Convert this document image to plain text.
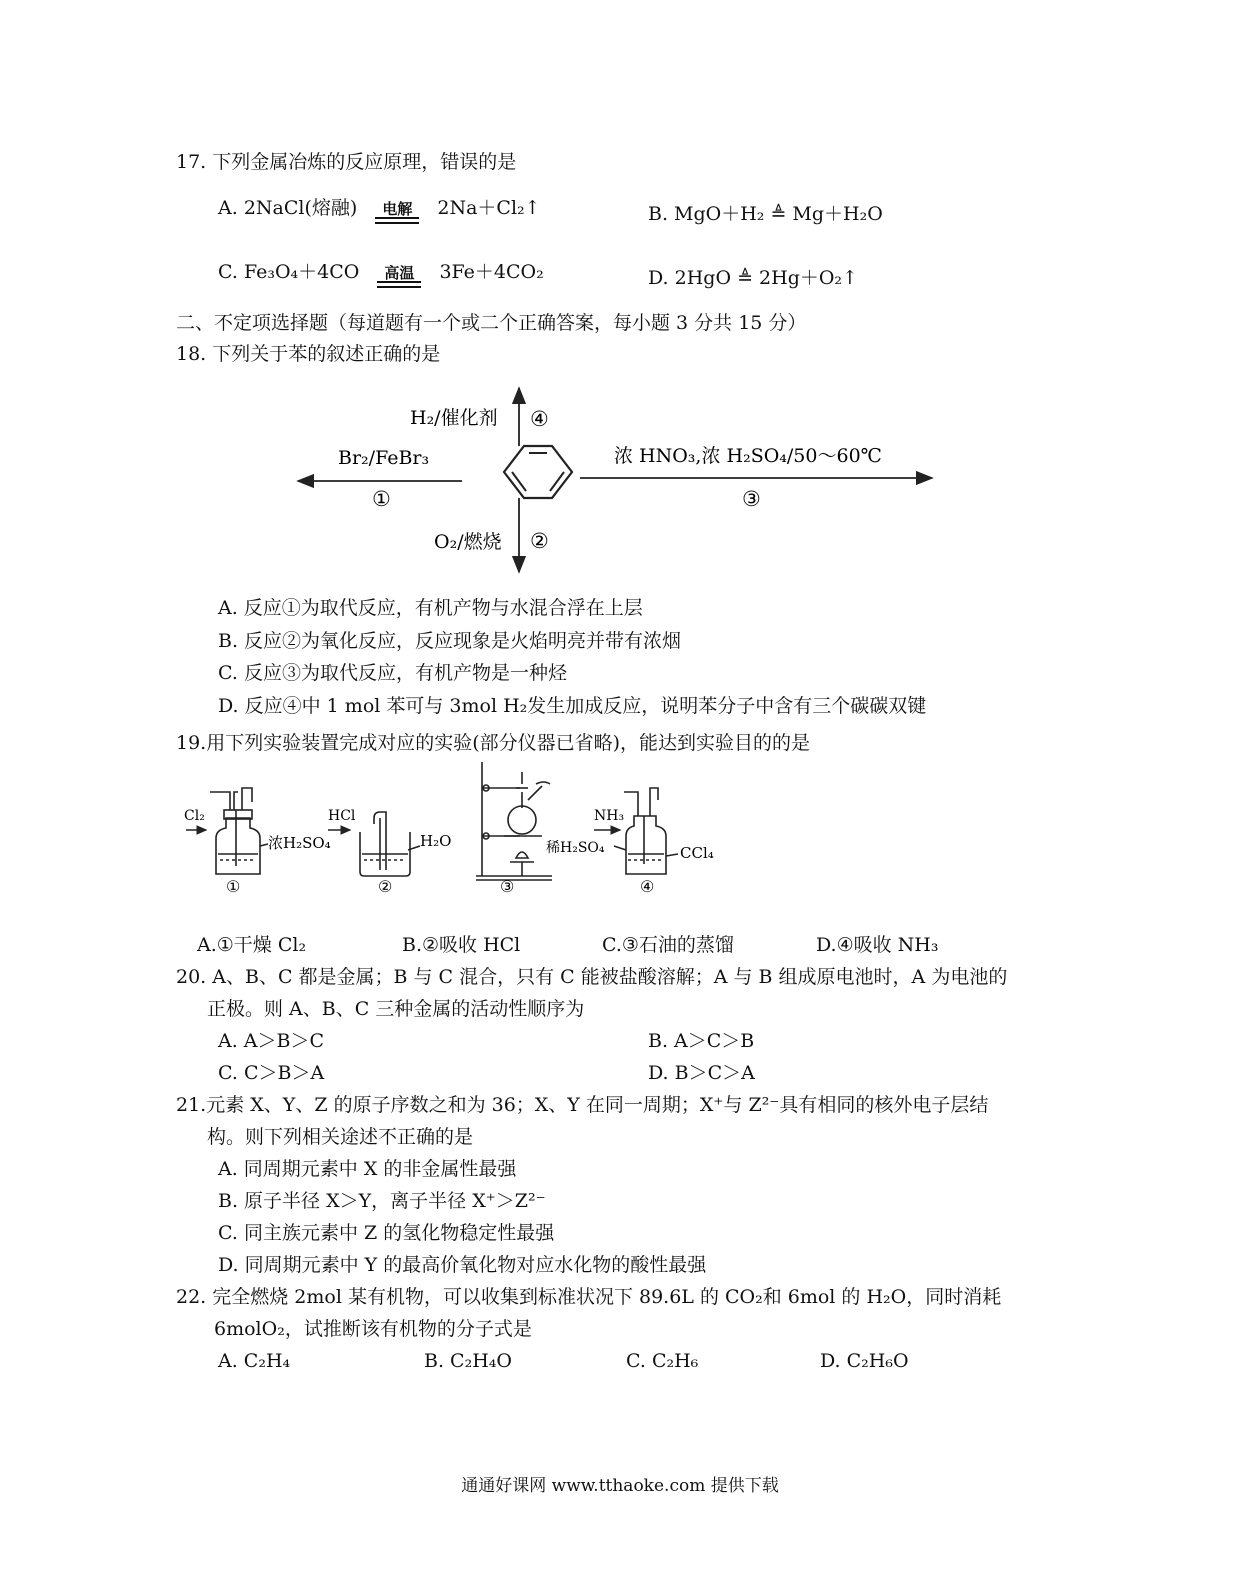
17. 下列金属冶炼的反应原理，错误的是
A. 2NaCl(熔融)	电解	2Na＋Cl₂↑	B. MgO＋H₂ ≜ Mg＋H₂O
C. Fe₃O₄＋4CO	高温	3Fe＋4CO₂	D. 2HgO ≜ 2Hg＋O₂↑
二、不定项选择题（每道题有一个或二个正确答案，每小题 3 分共 15 分）
18. 下列关于苯的叙述正确的是
H₂/催化剂 ④
Br₂/FeBr₃
①
浓 HNO₃,浓 H₂SO₄/50～60℃
③
O₂/燃烧 ②
A. 反应①为取代反应，有机产物与水混合浮在上层
B. 反应②为氧化反应，反应现象是火焰明亮并带有浓烟
C. 反应③为取代反应，有机产物是一种烃
D. 反应④中 1 mol 苯可与 3mol H₂发生加成反应，说明苯分子中含有三个碳碳双键
19.用下列实验装置完成对应的实验(部分仪器已省略)，能达到实验目的的是
Cl₂
浓H₂SO₄
①
HCl
H₂O
②	③
NH₃
稀H₂SO₄	CCl₄
④
A.①干燥 Cl₂	B.②吸收 HCl	C.③石油的蒸馏	D.④吸收 NH₃
20. A、B、C 都是金属；B 与 C 混合，只有 C 能被盐酸溶解；A 与 B 组成原电池时，A 为电池的
正极。则 A、B、C 三种金属的活动性顺序为
A. A＞B＞C	B. A＞C＞B
C. C＞B＞A	D. B＞C＞A
21.元素 X、Y、Z 的原子序数之和为 36；X、Y 在同一周期；X⁺与 Z²⁻具有相同的核外电子层结
构。则下列相关途述不正确的是
A. 同周期元素中 X 的非金属性最强
B. 原子半径 X＞Y，离子半径 X⁺＞Z²⁻
C. 同主族元素中 Z 的氢化物稳定性最强
D. 同周期元素中 Y 的最高价氧化物对应水化物的酸性最强
22. 完全燃烧 2mol 某有机物，可以收集到标准状况下 89.6L 的 CO₂和 6mol 的 H₂O，同时消耗
6molO₂，试推断该有机物的分子式是
A. C₂H₄	B. C₂H₄O	C. C₂H₆	D. C₂H₆O
通通好课网 www.tthaoke.com 提供下载
